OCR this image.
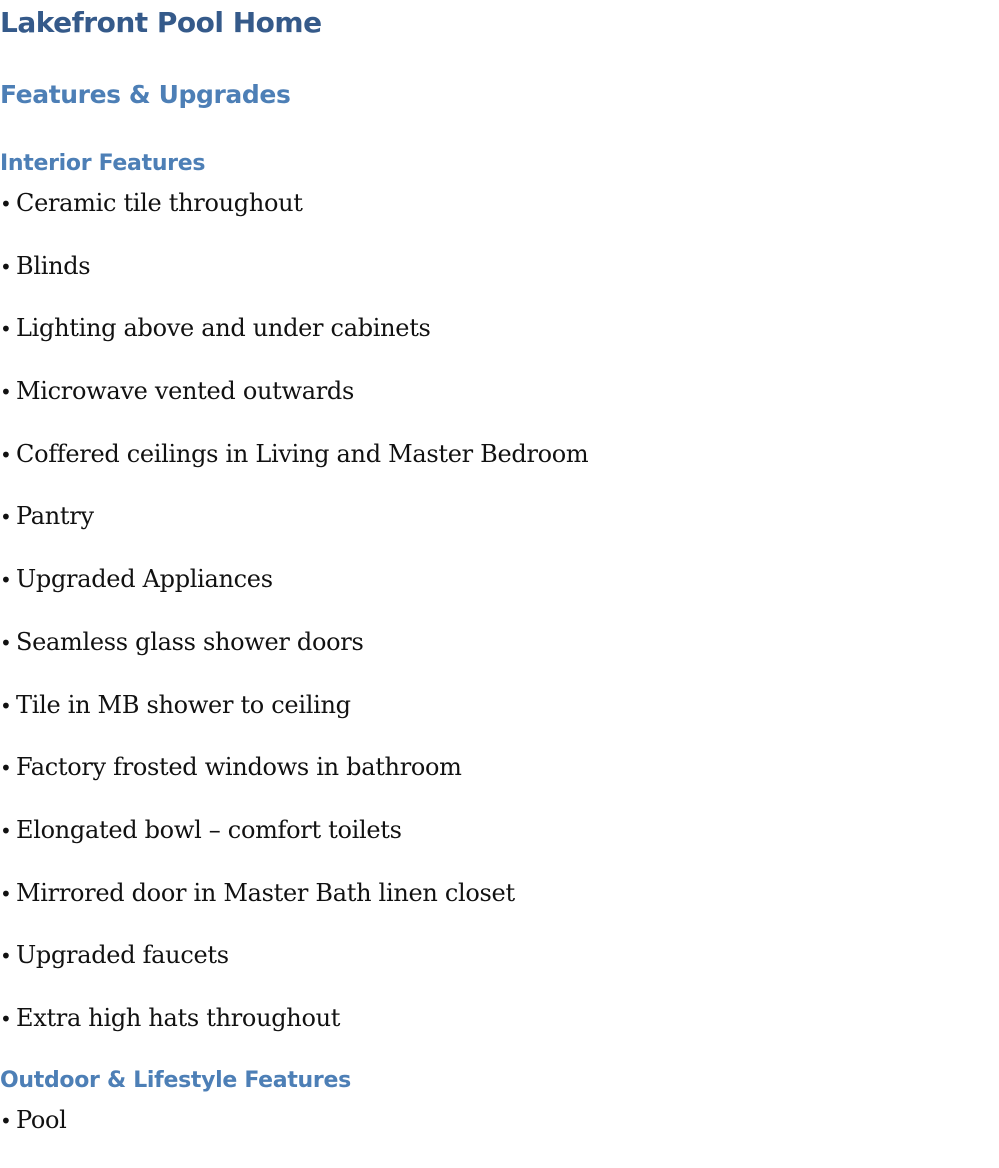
Lakefront Pool Home
Features & Upgrades
Interior Features
• Ceramic tile throughout
• Blinds
• Lighting above and under cabinets
• Microwave vented outwards
• Coffered ceilings in Living and Master Bedroom
• Pantry
• Upgraded Appliances
• Seamless glass shower doors
• Tile in MB shower to ceiling
• Factory frosted windows in bathroom
• Elongated bowl – comfort toilets
• Mirrored door in Master Bath linen closet
• Upgraded faucets
• Extra high hats throughout
Outdoor & Lifestyle Features
• Pool
